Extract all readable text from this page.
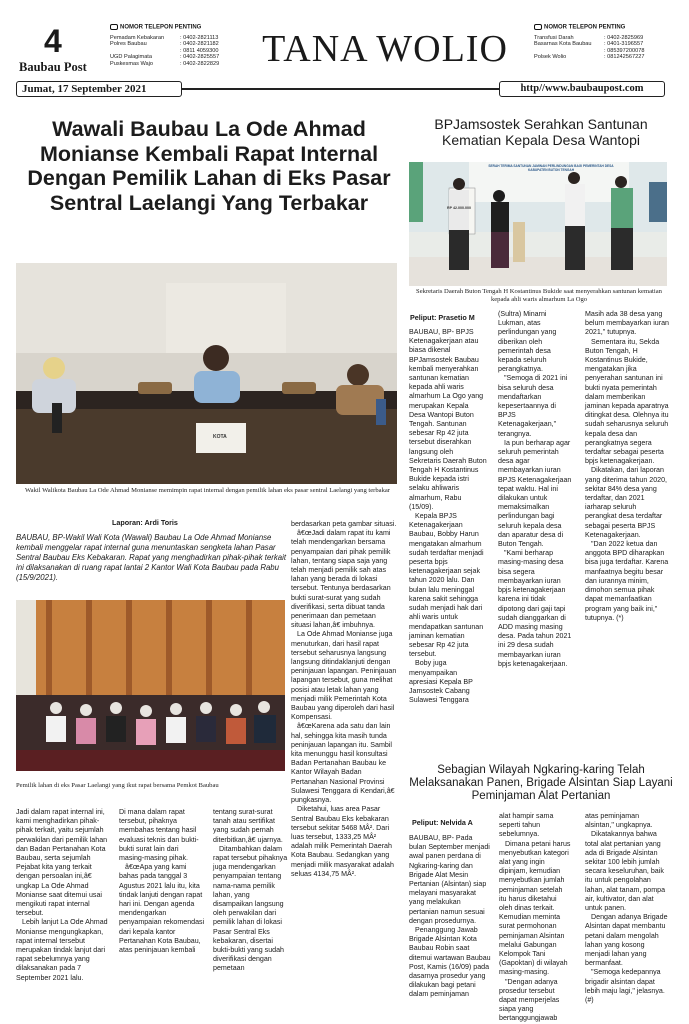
4
Baubau Post
NOMOR TELEPON PENTING
Pemadam Kebakaran	: 0402-2821113
Polres Baubau	: 0402-2821182
: 0811 4059300
UGD Palagimata	: 0402-2825557
Puskesmas Wajo	: 0402-2822829	TANA WOLIO
NOMOR TELEPON PENTING
Transfusi Darah	: 0402-2825969
Basarnas Kota Baubau	: 0401-3196557
: 085397200078
Polsek Wolio	: 081242567227
Jumat, 17 September 2021	http//www.baubaupost.com
Wawali Baubau La Ode Ahmad Monianse Kembali Rapat Internal Dengan Pemilik Lahan di Eks Pasar Sentral Laelangi Yang Terbakar
KOTA
Wakil Walikota Baubau La Ode Ahmad Monianse memimpin rapat internal dengan pemilik lahan eks pasar sentral Laelangi yang terbakar
Laporan: Ardi Toris
BAUBAU, BP-Wakil Wali Kota (Wawali) Baubau La Ode Ahmad Monianse kembali menggelar rapat internal guna menuntaskan sengketa lahan Pasar Sentral Baubau Eks Kebakaran. Rapat yang menghadirkan pihak-pihak terkait ini dilaksanakan di ruang rapat lantai 2 Kantor Wali Kota Baubau pada Rabu (15/9/2021).
Pemilik lahan di eks Pasar Laelangi yang ikut rapat bersama Pemkot Baubau

berdasarkan peta gambar situasi.

â€œJadi dalam rapat itu kami telah mendengarkan bersama penyampaian dari pihak pemilik lahan, tentang siapa saja yang telah menjadi pemilik sah atas lahan yang berada di lokasi tersebut. Tentunya berdasarkan bukti surat-surat yang sudah diverifikasi, serta dibuat tanda penerimaan dan pemetaan situasi lahan,â€ imbuhnya.

La Ode Ahmad Monianse juga menuturkan, dari hasil rapat tersebut seharusnya langsung langsung ditindaklanjuti dengan peninjauan lapangan. Peninjauan lapangan tersebut, guna melihat posisi atau letak lahan yang menjadi milik Pemerintah Kota Baubau yang diperoleh dari hasil Kompensasi.

â€œKarena ada satu dan lain hal, sehingga kita masih tunda peninjauan lapangan itu. Sambil kita menunggu hasil konsultasi Badan Pertanahan Baubau ke Kantor Wilayah Badan Pertanahan Nasional Provinsi Sulawesi Tenggara di Kendari,â€ pungkasnya.

Diketahui, luas area Pasar Sentral Baubau Eks kebakaran tersebut sekitar 5468 MÂ². Dari luas tersebut, 1333,25 MÂ² adalah milik Pemerintah Daerah Kota Baubau. Sedangkan yang menjadi milik masyarakat adalah seluas 4134,75 MÂ².

Jadi dalam rapat internal ini, kami menghadirkan pihak-pihak terkait, yaitu sejumlah perwakilan dari pemilik lahan dan Badan Pertanahan Kota Baubau, serta sejumlah Pejabat kita yang terkait dengan persoalan ini,â€ ungkap La Ode Ahmad Monianse saat ditemui usai mengikuti rapat internal tersebut.

Lebih lanjut La Ode Ahmad Monianse mengungkapkan, rapat internal tersebut merupakan tindak lanjut dari rapat sebelumnya yang dilaksanakan pada 7 September 2021 lalu.

Di mana dalam rapat tersebut, pihaknya membahas tentang hasil evaluasi teknis dan bukti-bukti surat lain dari masing-masing pihak.

â€œApa yang kami bahas pada tanggal 3 Agustus 2021 lalu itu, kita tindak lanjuti dengan rapat hari ini. Dengan agenda mendengarkan penyampaian rekomendasi dari kepala kantor Pertanahan Kota Baubau, atas peninjauan kembali

tentang surat-surat tanah atau sertifikat yang sudah pernah diterbitkan,â€ ujarnya.

Ditambahkan dalam rapat tersebut pihaknya juga mendengarkan penyampaian tentang nama-nama pemilik lahan, yang disampaikan langsung oleh perwakilan dari pemilik lahan di lokasi Pasar Sentral Eks kebakaran, disertai bukti-bukti yang sudah diverifikasi dengan pemetaan

BPJamsostek Serahkan Santunan Kematian Kepala Desa Wantopi
SERAH TERIMA SANTUNAN JAMINAN PERLINDUNGAN BAGI PEMERINTAH DESA KABUPATEN BUTON TENGAH
RP 42.000.000
Sekretaris Daerah Buton Tengah H Kostantinus Bukide saat menyerahkan santunan kematian kepada ahli waris almarhum La Ogo
Peliput: Prasetio M

BAUBAU, BP- BPJS Ketenagakerjaan atau biasa dikenal BPJamsostek Baubau kembali menyerahkan santunan kematian kepada ahli waris almarhum La Ogo yang merupakan Kepala Desa Wantopi Buton Tengah. Santunan sebesar Rp 42 juta tersebut diserahkan langsung oleh Sekretaris Daerah Buton Tengah H Kostantinus Bukide kepada istri selaku ahliwaris almarhum, Rabu (15/09).

Kepala BPJS Ketenagakerjaan Baubau, Bobby Harun mengatakan almarhum sudah terdaftar menjadi peserta bpjs ketenagakerjaan sejak tahun 2020 lalu. Dan bulan lalu meninggal karena sakit sehingga sudah menjadi hak dari ahli waris untuk mendapatkan santunan jaminan kematian sebesar Rp 42 juta tersebut.

Boby juga menyampaikan apresiasi Kepala BP Jamsostek Cabang Sulawesi Tenggara

(Sultra) Minarni Lukman, atas perlindungan yang diberikan oleh pemerintah desa kepada seluruh perangkatnya.

"Semoga di 2021 ini bisa seluruh desa mendaftarkan kepesertaannya di BPJS Ketenagakerjaan," terangnya.

Ia pun berharap agar seluruh pemerintah desa agar membayarkan iuran BPJS Ketenagakerjaan tepat waktu. Hal ini dilakukan untuk memaksimalkan perlindungan bagi seluruh kepala desa dan aparatur desa di Buton Tengah.

"Kami berharap masing-masing desa bisa segera membayarkan iuran bpjs ketenagakerjaan karena ini tidak dipotong dari gaji tapi sudah dianggarkan di ADD masing masing desa. Pada tahun 2021 ini 29 desa sudah membayarkan iuran bpjs ketenagakerjaan.

Masih ada 38 desa yang belum membayarkan iuran 2021," tutupnya.

Sementara itu, Sekda Buton Tengah, H Kostantinus Bukide, mengatakan jika penyerahan santunan ini bukti nyata pemerintah dalam memberikan jaminan kepada aparatnya ditingkat desa. Olehnya itu sudah seharusnya seluruh kepala desa dan perangkatnya segera terdaftar sebagai peserta bpjs ketenagakerjaan.

Dikatakan, dari laporan yang diterima tahun 2020, sekitar 84% desa yang terdaftar, dan 2021 iarharap seluruh perangkat desa terdaftar sebagai peserta BPJS Ketenagakerjaan.

"Dan 2022 ketua dan anggota BPD diharapkan bisa juga terdaftar. Karena manfaatnya begitu besar dan iurannya minim, dimohon semua pihak dapat memanfaatkan program yang baik ini," tutupnya. (*)

Sebagian Wilayah Ngkaring-karing Telah Melaksanakan Panen, Brigade Alsintan Siap Layani Peminjaman Alat Pertanian
Peliput: Nelvida A

BAUBAU, BP- Pada bulan September menjadi awal panen perdana di Ngkaring-karing dan Brigade Alat Mesin Pertanian (Alsintan) siap melayani masyarakat yang melakukan pertanian namun sesuai dengan prosedurnya.

Penanggung Jawab Brigade Alsintan Kota Baubau Robin saat ditemui wartawan Baubau Post, Kamis (16/09) pada dasarnya prosedur yang dilakukan bagi petani dalam peminjaman

alat hampir sama seperti tahun sebelumnya.

Dimana petani harus menyebutkan kategori alat yang ingin dipinjam, kemudian menyebutkan jumlah peminjaman setelah itu harus diketahui oleh dinas terkait. Kemudian meminta surat permohonan peminjaman Alsintan melalui Gabungan Kelompok Tani (Gapoktan) di wilayah masing-masing.

"Dengan adanya prosedur tersebut dapat memperjelas siapa yang bertanggungjawab

atas peminjaman alsintan," ungkapnya.

Dikatakannya bahwa total alat pertanian yang ada di Brigade Alsintan sekitar 100 lebih jumlah secara keseluruhan, baik itu untuk pengolahan lahan, alat tanam, pompa air, kultivator, dan alat untuk panen.

Dengan adanya Brigade Alsintan dapat membantu petani dalam mengolah lahan yang kosong menjadi lahan yang bermanfaat.

"Semoga kedepannya brigadir alsintan dapat lebih maju lagi," jelasnya. (#)
